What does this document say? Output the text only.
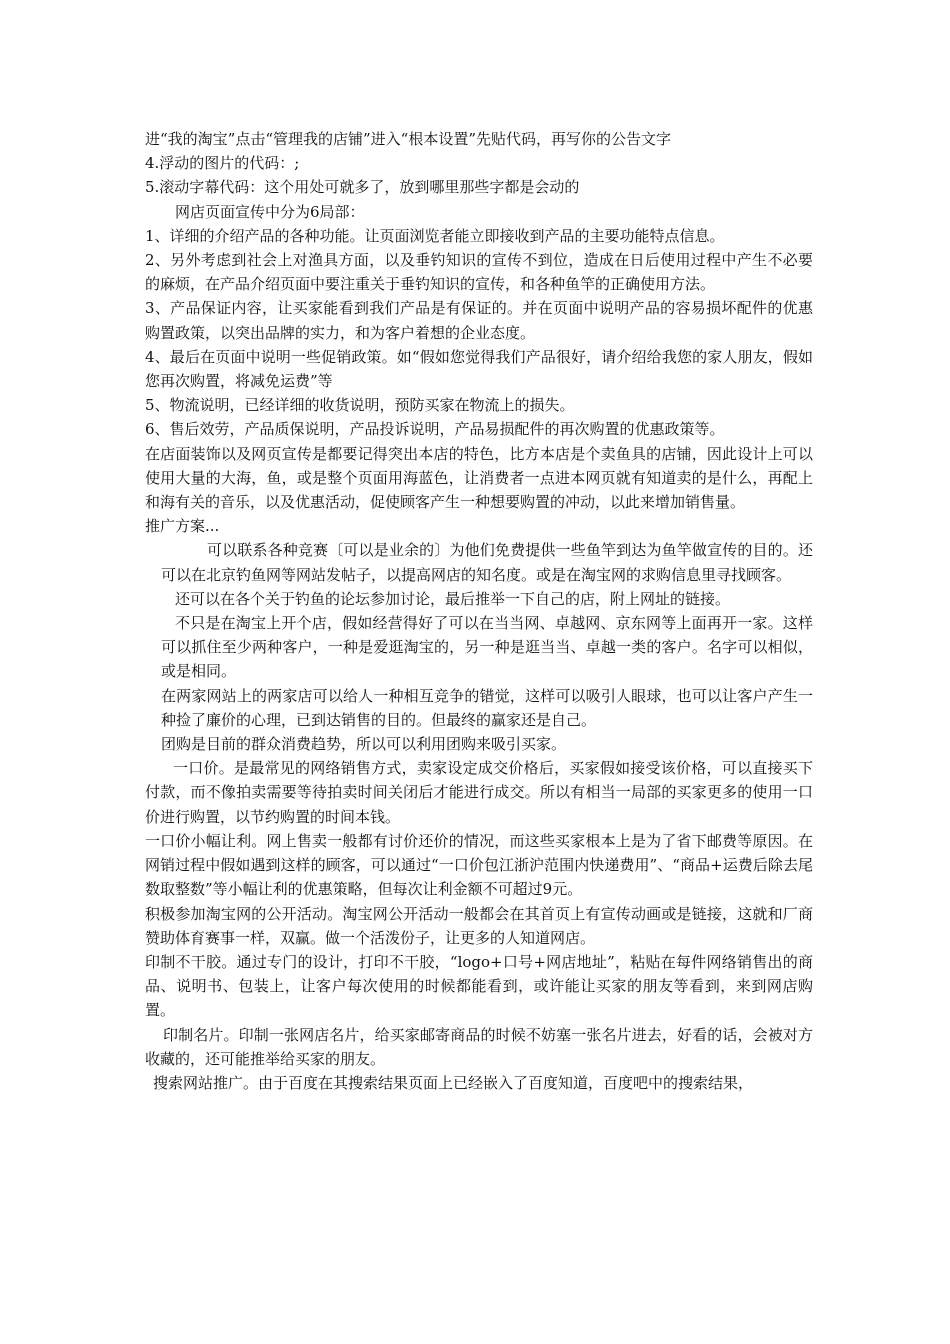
进“我的淘宝”点击“管理我的店铺”进入“根本设置”先贴代码，再写你的公告文字

4.浮动的图片的代码：;

5.滚动字幕代码：这个用处可就多了，放到哪里那些字都是会动的

网店页面宣传中分为6局部：

1、详细的介绍产品的各种功能。让页面浏览者能立即接收到产品的主要功能特点信息。

2、另外考虑到社会上对渔具方面，以及垂钓知识的宣传不到位，造成在日后使用过程中产生不必要的麻烦，在产品介绍页面中要注重关于垂钓知识的宣传，和各种鱼竿的正确使用方法。

3、产品保证内容，让买家能看到我们产品是有保证的。并在页面中说明产品的容易损坏配件的优惠购置政策，以突出品牌的实力，和为客户着想的企业态度。

4、最后在页面中说明一些促销政策。如“假如您觉得我们产品很好，请介绍给我您的家人朋友，假如您再次购置，将减免运费”等

5、物流说明，已经详细的收货说明，预防买家在物流上的损失。

6、售后效劳，产品质保说明，产品投诉说明，产品易损配件的再次购置的优惠政策等。

在店面装饰以及网页宣传是都要记得突出本店的特色，比方本店是个卖鱼具的店铺，因此设计上可以使用大量的大海，鱼，或是整个页面用海蓝色，让消费者一点进本网页就有知道卖的是什么，再配上和海有关的音乐，以及优惠活动，促使顾客产生一种想要购置的冲动，以此来增加销售量。

推广方案...

可以联系各种竞赛〔可以是业余的〕为他们免费提供一些鱼竿到达为鱼竿做宣传的目的。还可以在北京钓鱼网等网站发帖子，以提高网店的知名度。或是在淘宝网的求购信息里寻找顾客。

还可以在各个关于钓鱼的论坛参加讨论，最后推举一下自己的店，附上网址的链接。

不只是在淘宝上开个店，假如经营得好了可以在当当网、卓越网、京东网等上面再开一家。这样可以抓住至少两种客户，一种是爱逛淘宝的，另一种是逛当当、卓越一类的客户。名字可以相似，或是相同。

在两家网站上的两家店可以给人一种相互竞争的错觉，这样可以吸引人眼球，也可以让客户产生一种捡了廉价的心理，已到达销售的目的。但最终的赢家还是自己。

团购是目前的群众消费趋势，所以可以利用团购来吸引买家。

一口价。是最常见的网络销售方式，卖家设定成交价格后，买家假如接受该价格，可以直接买下付款，而不像拍卖需要等待拍卖时间关闭后才能进行成交。所以有相当一局部的买家更多的使用一口价进行购置，以节约购置的时间本钱。

一口价小幅让利。网上售卖一般都有讨价还价的情况，而这些买家根本上是为了省下邮费等原因。在网销过程中假如遇到这样的顾客，可以通过“一口价包江浙沪范围内快递费用”、“商品+运费后除去尾数取整数”等小幅让利的优惠策略，但每次让利金额不可超过9元。

积极参加淘宝网的公开活动。淘宝网公开活动一般都会在其首页上有宣传动画或是链接，这就和厂商赞助体育赛事一样，双赢。做一个活泼份子，让更多的人知道网店。

印制不干胶。通过专门的设计，打印不干胶，“logo+口号+网店地址”，粘贴在每件网络销售出的商品、说明书、包装上，让客户每次使用的时候都能看到，或许能让买家的朋友等看到，来到网店购置。

印制名片。印制一张网店名片，给买家邮寄商品的时候不妨塞一张名片进去，好看的话，会被对方收藏的，还可能推举给买家的朋友。

搜索网站推广。由于百度在其搜索结果页面上已经嵌入了百度知道，百度吧中的搜索结果，
